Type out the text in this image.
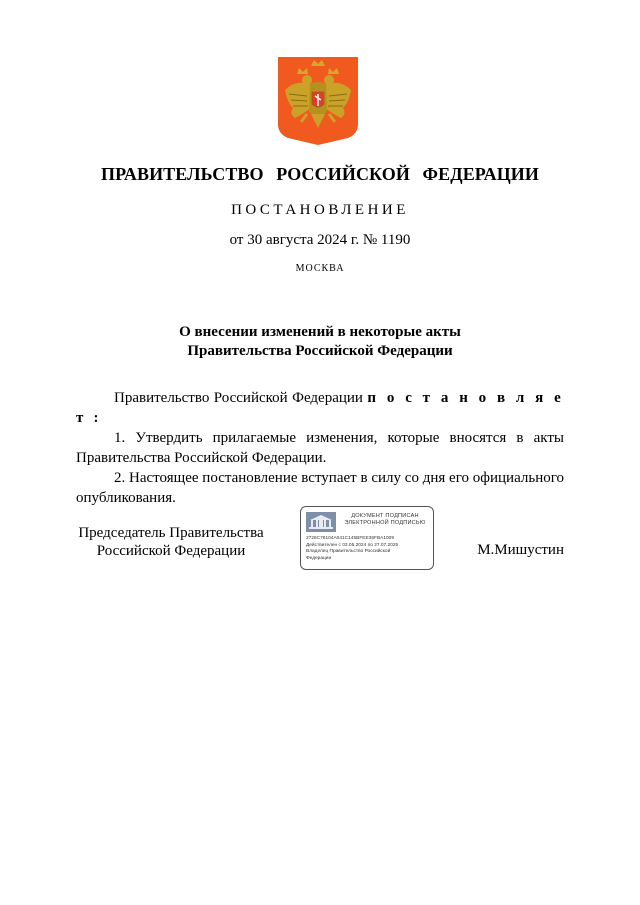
ПРАВИТЕЛЬСТВО РОССИЙСКОЙ ФЕДЕРАЦИИ
ПОСТАНОВЛЕНИЕ
от 30 августа 2024 г. № 1190
МОСКВА
О внесении изменений в некоторые акты
Правительства Российской Федерации

Правительство Российской Федерации п о с т а н о в л я е т :

1. Утвердить прилагаемые изменения, которые вносятся в акты Правительства Российской Федерации.

2. Настоящее постановление вступает в силу со дня его официального опубликования.

Председатель Правительства
Российской Федерации
ДОКУМЕНТ ПОДПИСАН
ЭЛЕКТРОННОЙ ПОДПИСЬЮ
2726C78104A041C145BFEE36FBA1009
Действителен с 03.05.2024 по 27.07.2025
Владелец Правительство Российской
Федерации	М.Мишустин
